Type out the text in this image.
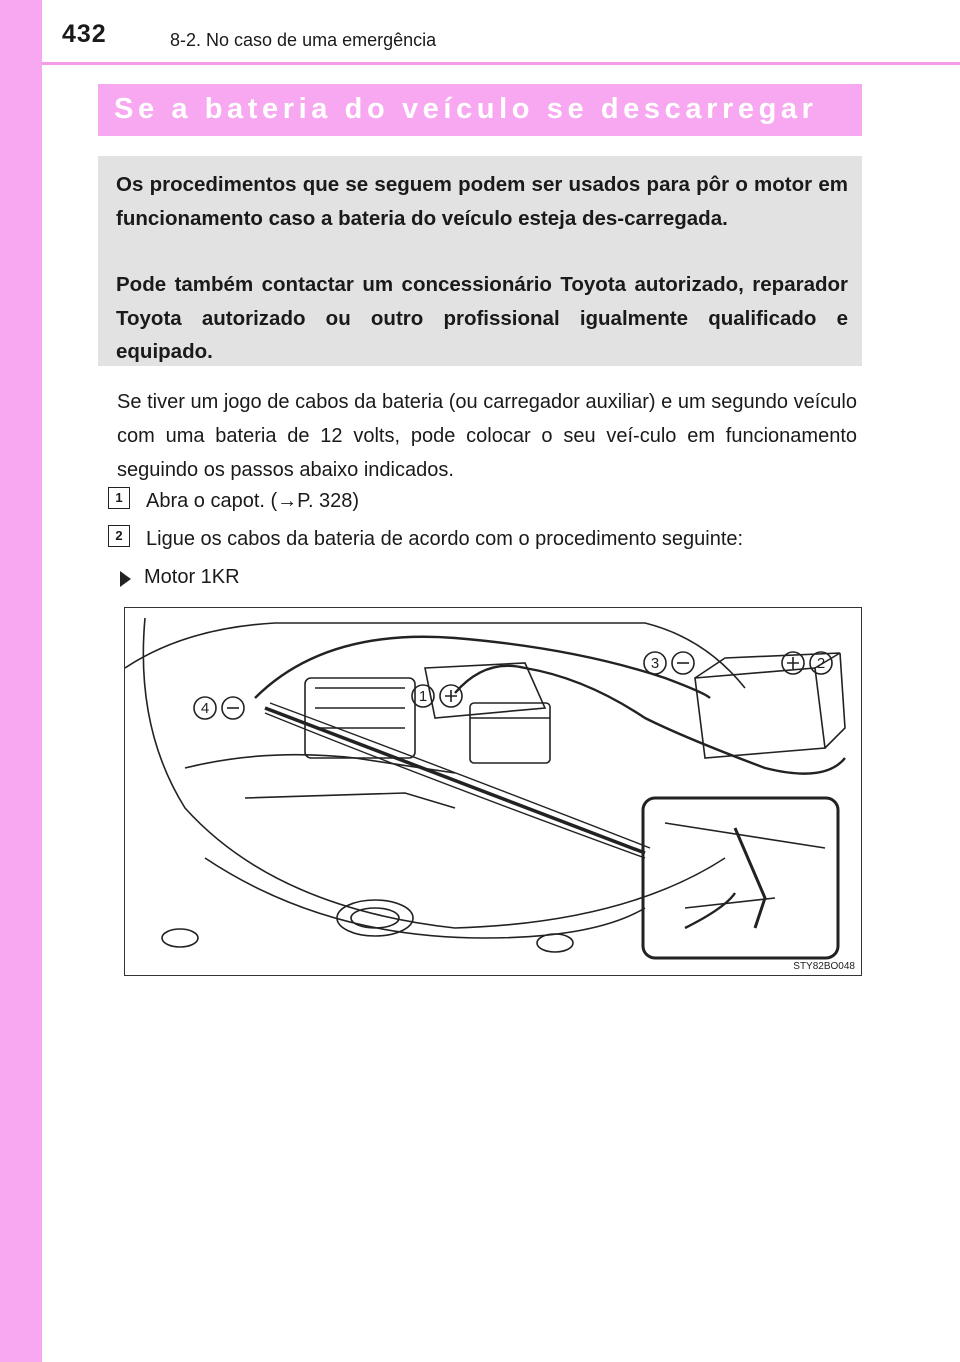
432	8-2. No caso de uma emergência
Se a bateria do veículo se descarregar

Os procedimentos que se seguem podem ser usados para pôr o motor em funcionamento caso a bateria do veículo esteja des-carregada.

Pode também contactar um concessionário Toyota autorizado, reparador Toyota autorizado ou outro profissional igualmente qualificado e equipado.

Se tiver um jogo de cabos da bateria (ou carregador auxiliar) e um segundo veículo com uma bateria de 12 volts, pode colocar o seu veí-culo em funcionamento seguindo os passos abaixo indicados.

1	Abra o capot. (→P. 328)
2	Ligue os cabos da bateria de acordo com o procedimento seguinte:
Motor 1KR
1
2
3
4
STY82BO048
